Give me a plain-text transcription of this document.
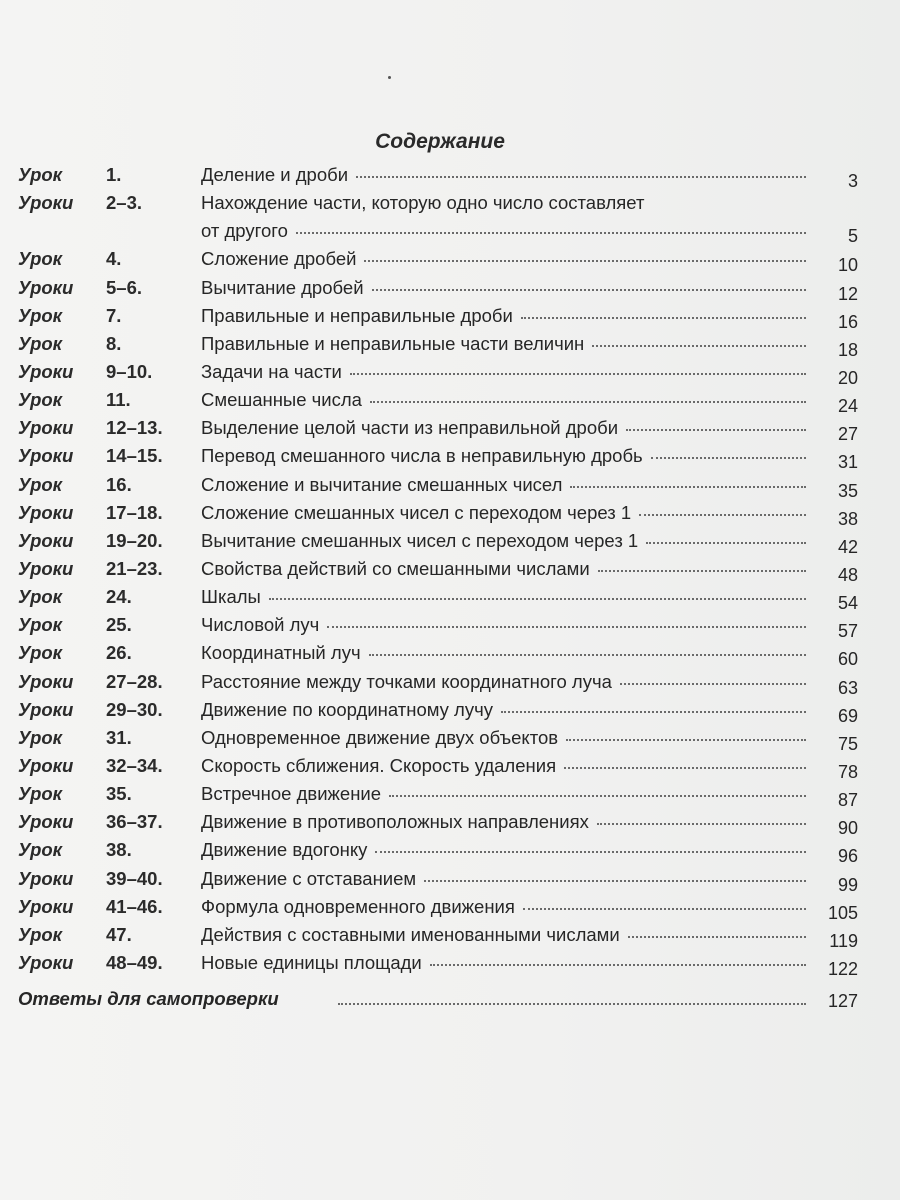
Содержание
Урок 1.	Деление и дроби	3
Уроки 2–3.	Нахождение части, которую одно число составляет
от другого	5
Урок 4.	Сложение дробей	10
Уроки 5–6.	Вычитание дробей	12
Урок 7.	Правильные и неправильные дроби	16
Урок 8.	Правильные и неправильные части величин	18
Уроки 9–10.	Задачи на части	20
Урок 11.	Смешанные числа	24
Уроки 12–13. Выделение целой части из неправильной дроби	27
Уроки 14–15. Перевод смешанного числа в неправильную дробь	31
Урок 16.	Сложение и вычитание смешанных чисел	35
Уроки 17–18. Сложение смешанных чисел с переходом через 1	38
Уроки 19–20. Вычитание смешанных чисел с переходом через 1	42
Уроки 21–23. Свойства действий со смешанными числами	48
Урок 24.	Шкалы	54
Урок 25.	Числовой луч	57
Урок 26.	Координатный луч	60
Уроки 27–28. Расстояние между точками координатного луча	63
Уроки 29–30. Движение по координатному лучу	69
Урок 31.	Одновременное движение двух объектов	75
Уроки 32–34. Скорость сближения. Скорость удаления	78
Урок 35.	Встречное движение	87
Уроки 36–37. Движение в противоположных направлениях	90
Урок 38.	Движение вдогонку	96
Уроки 39–40. Движение с отставанием	99
Уроки 41–46. Формула одновременного движения	105
Урок 47.	Действия с составными именованными числами	119
Уроки 48–49. Новые единицы площади	122
Ответы для самопроверки	127
